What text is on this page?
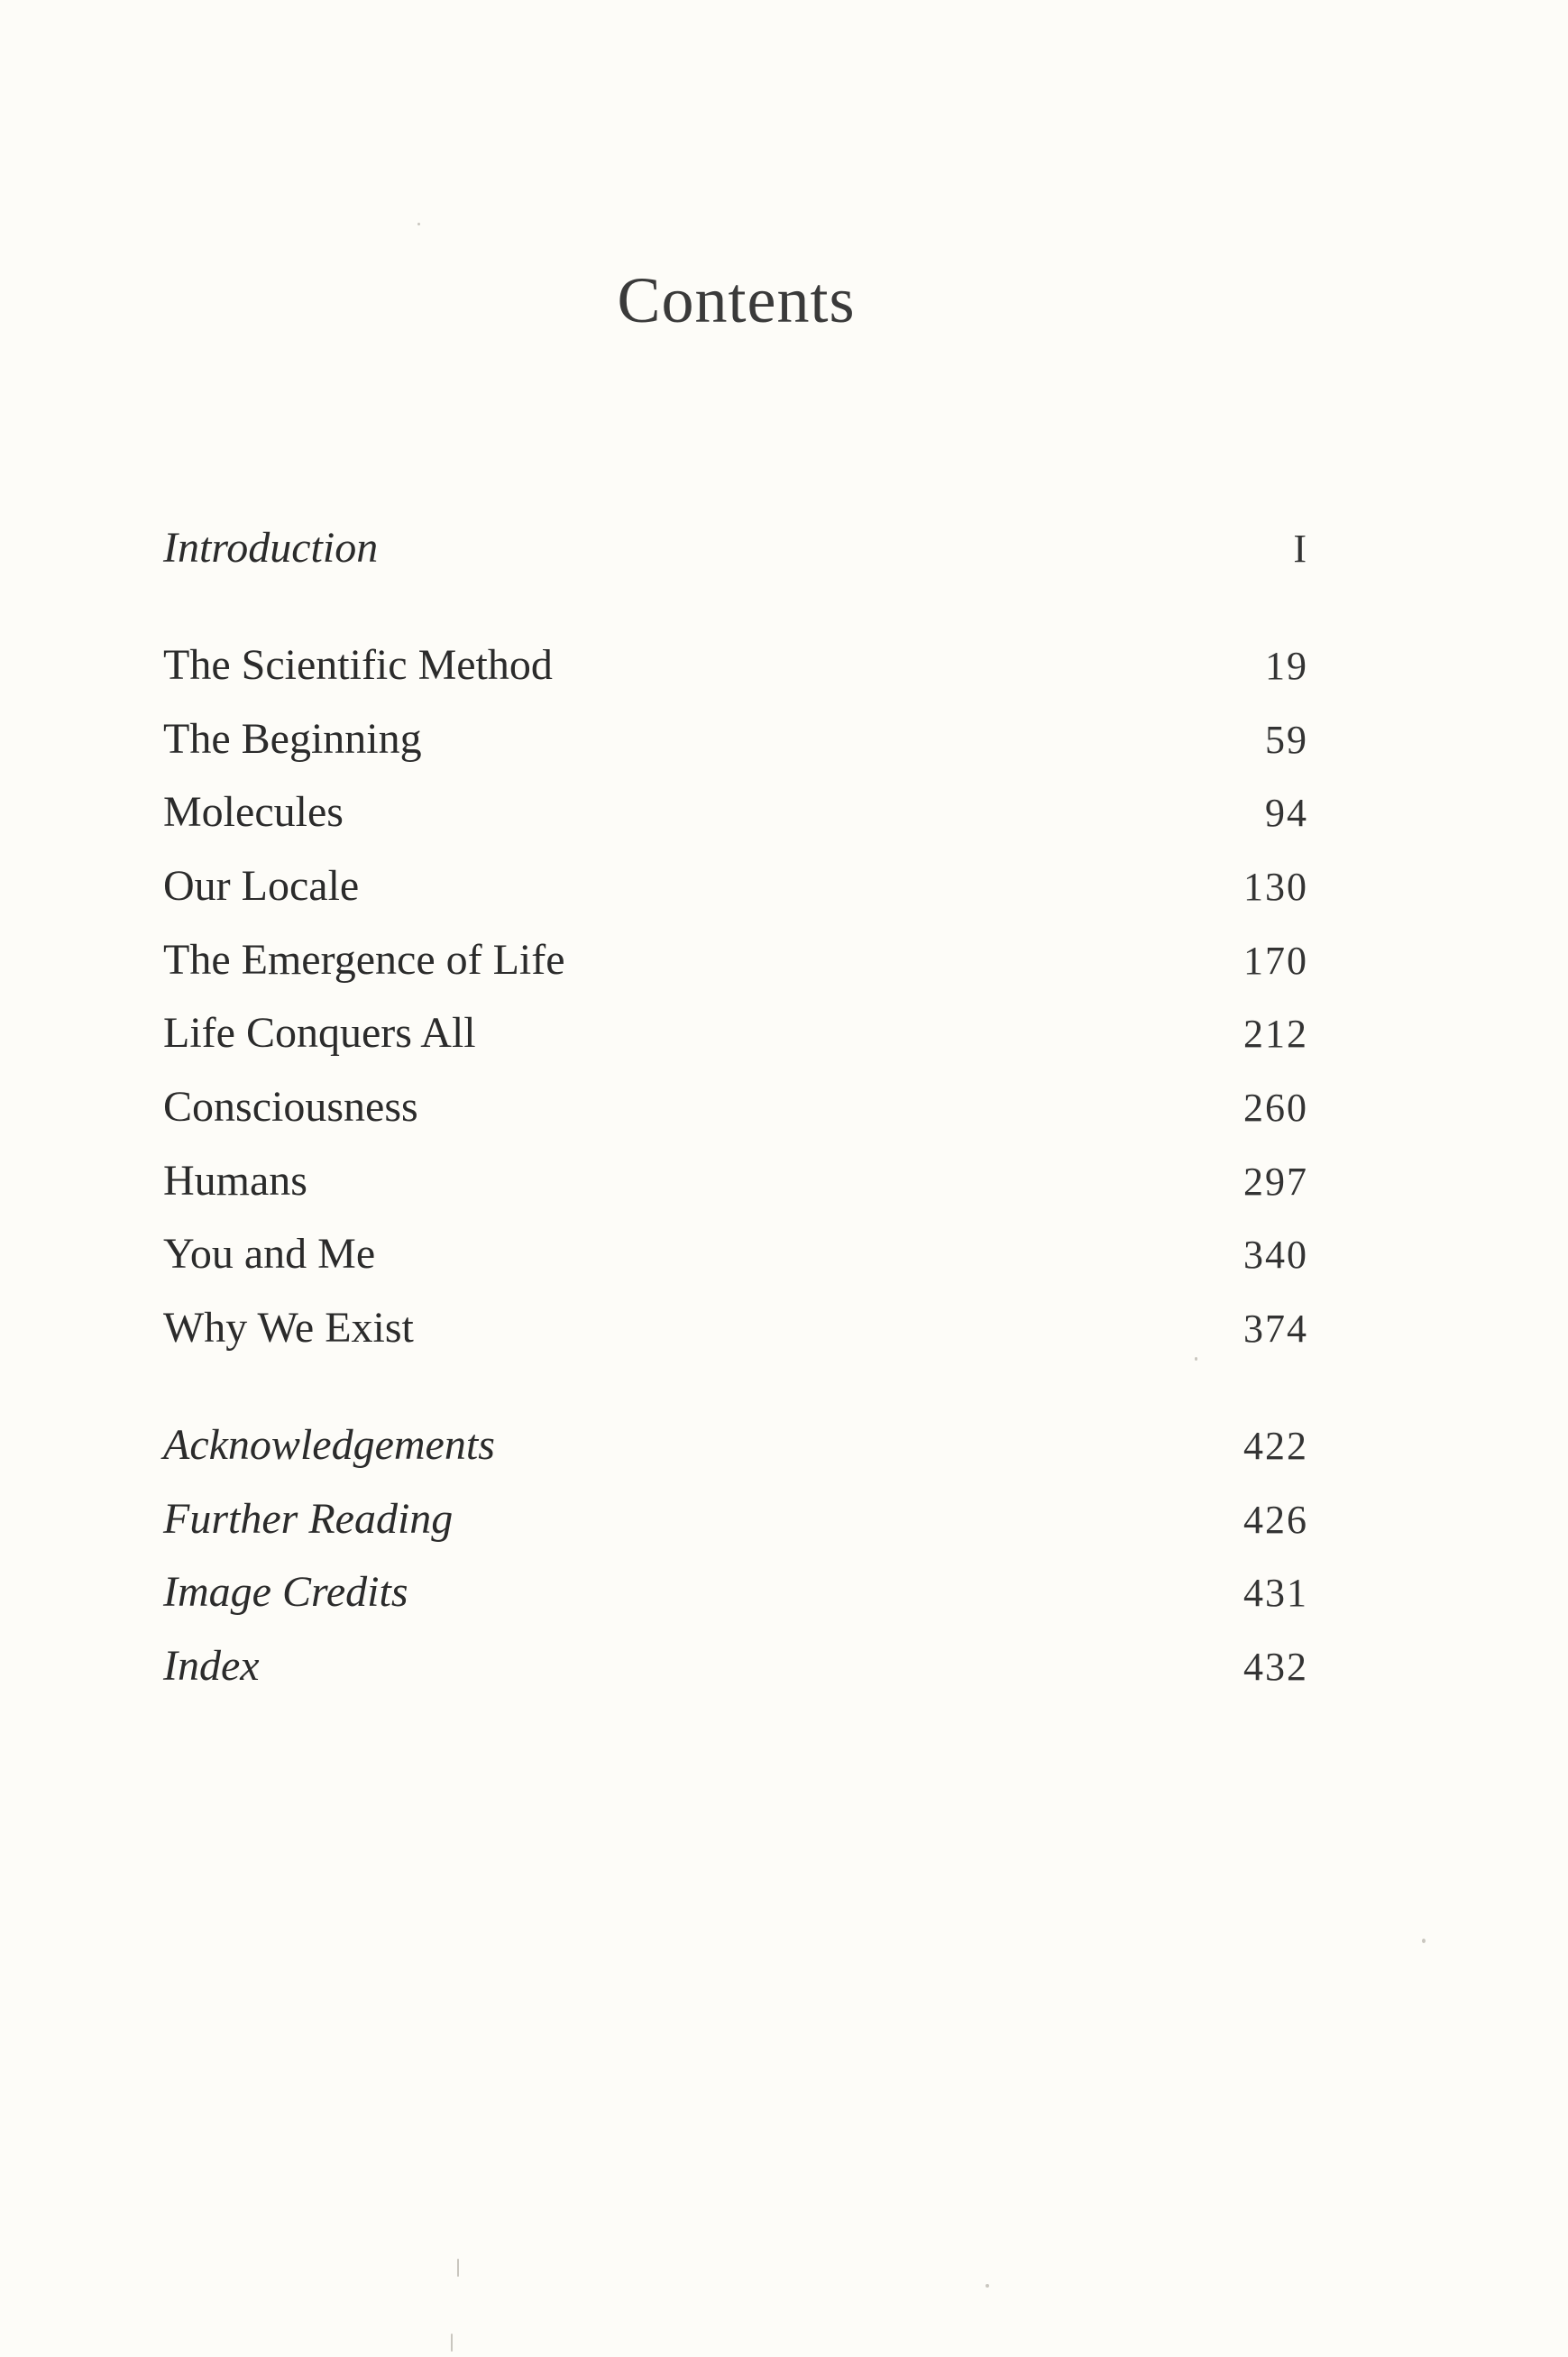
Contents
Introduction	I
The Scientific Method	19
The Beginning	59
Molecules	94
Our Locale	130
The Emergence of Life	170
Life Conquers All	212
Consciousness	260
Humans	297
You and Me	340
Why We Exist	374
Acknowledgements	422
Further Reading	426
Image Credits	431
Index	432
